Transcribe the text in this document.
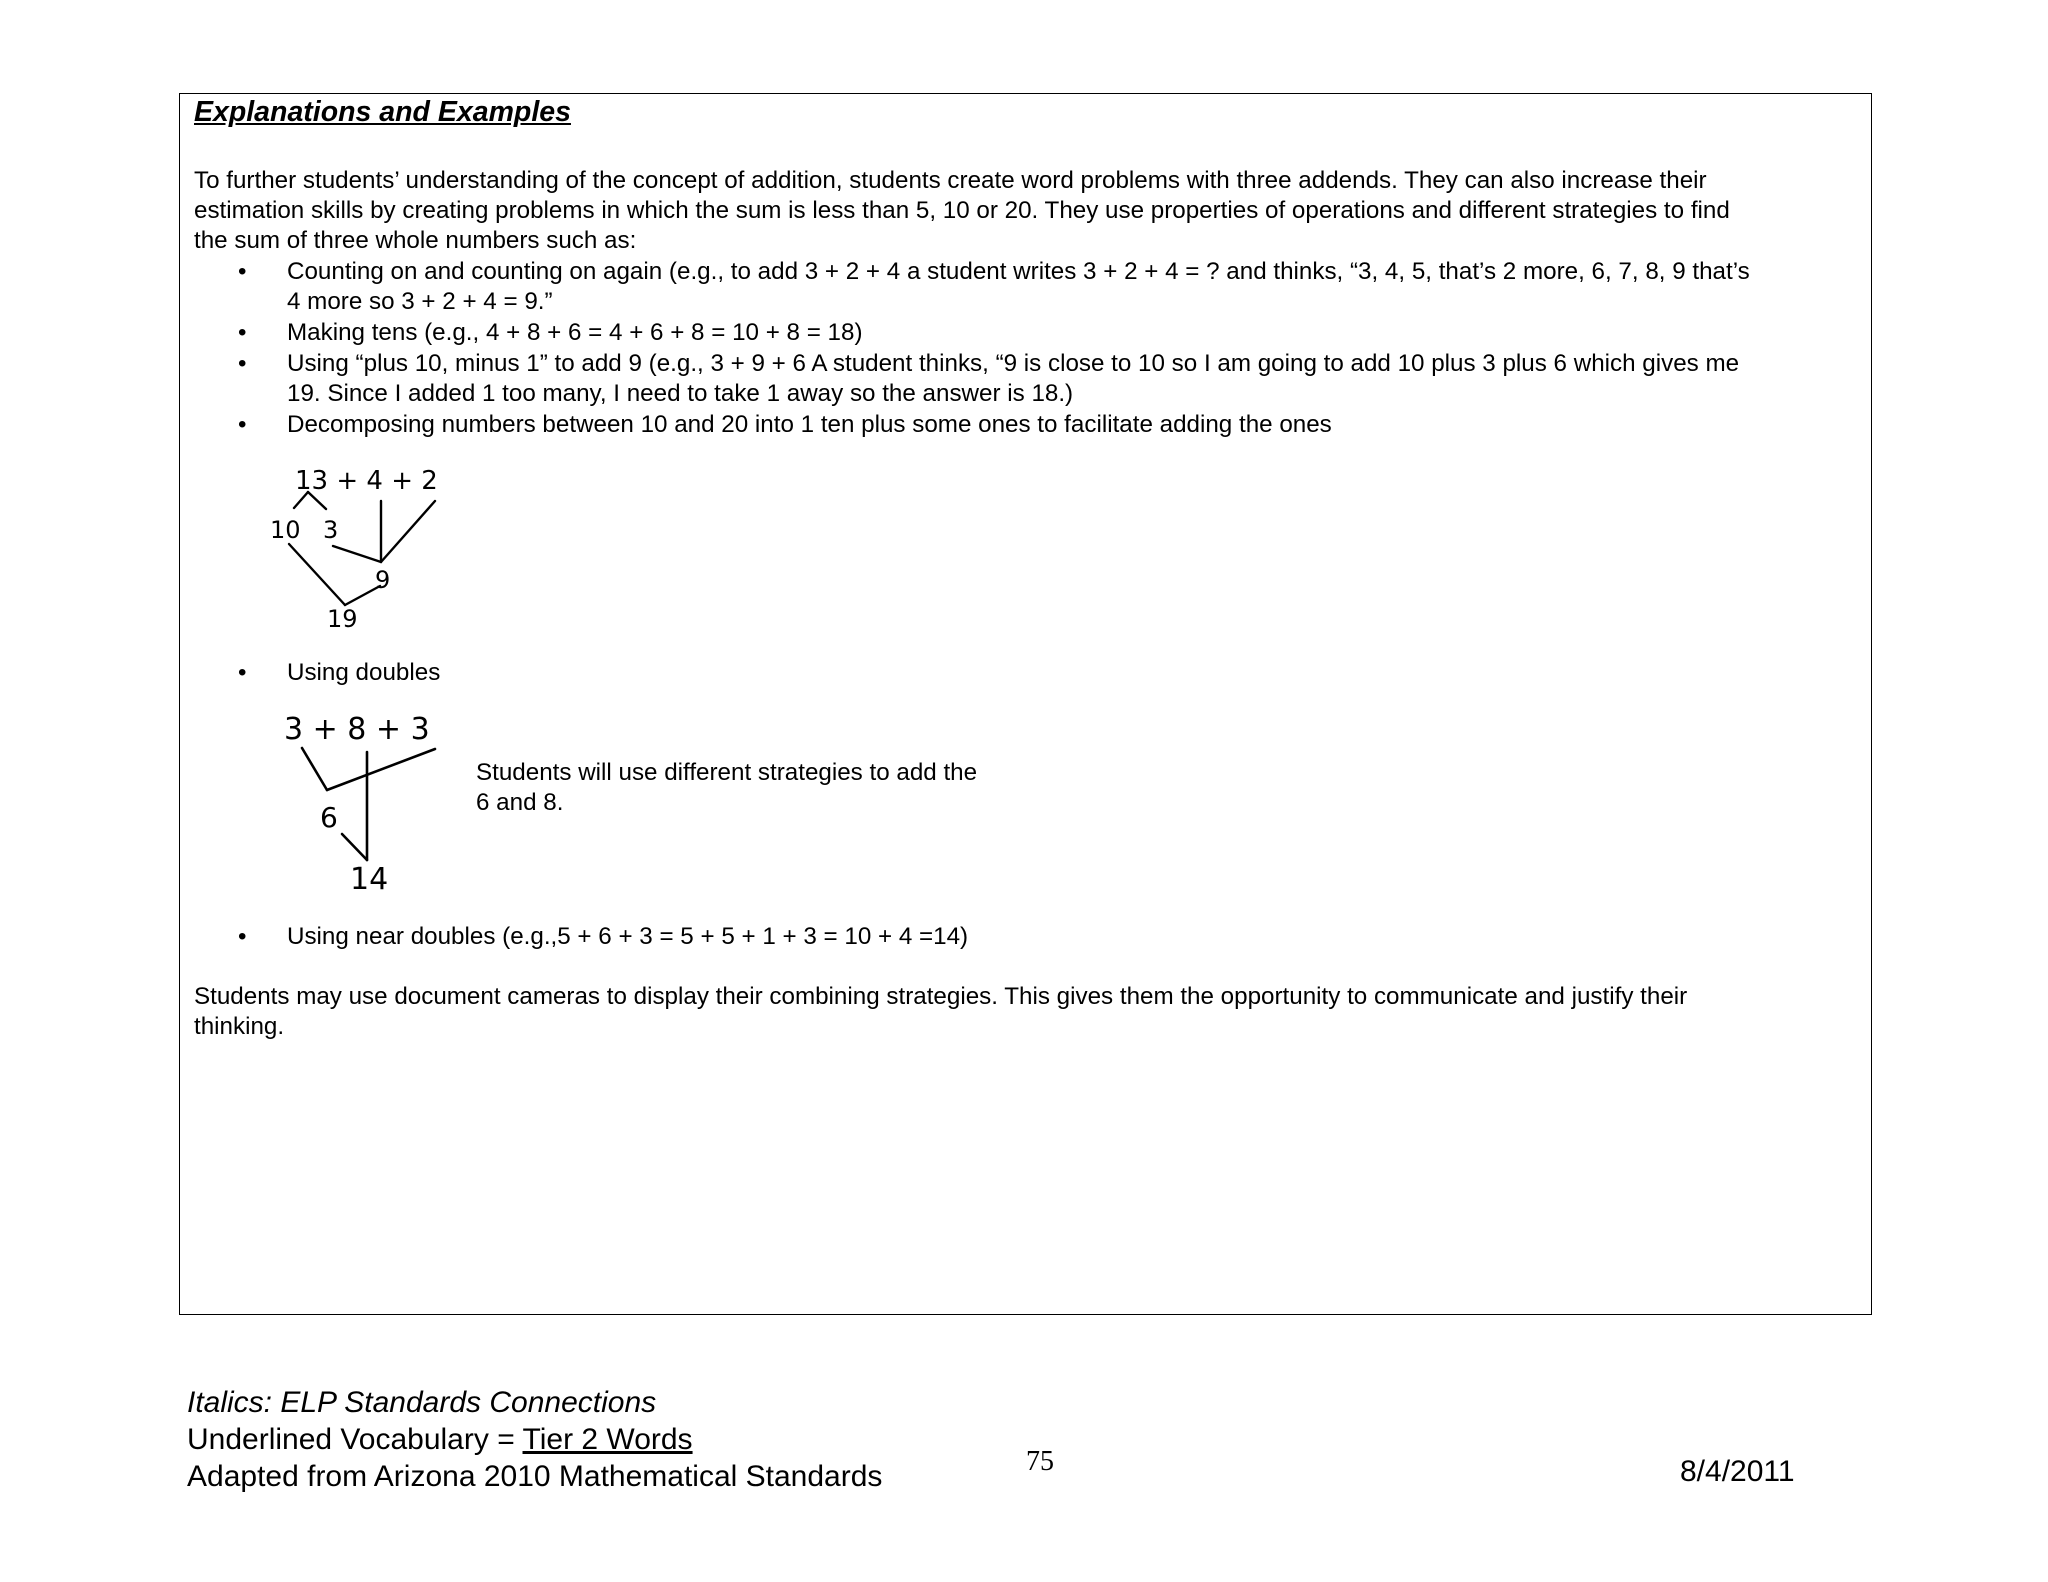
Explanations and Examples
To further students’ understanding of the concept of addition, students create word problems with three addends. They can also increase their
estimation skills by creating problems in which the sum is less than 5, 10 or 20. They use properties of operations and different strategies to find
the sum of three whole numbers such as:
• Counting on and counting on again (e.g., to add 3 + 2 + 4 a student writes 3 + 2 + 4 = ? and thinks, “3, 4, 5, that’s 2 more, 6, 7, 8, 9 that’s
4 more so 3 + 2 + 4 = 9.”
• Making tens (e.g., 4 + 8 + 6 = 4 + 6 + 8 = 10 + 8 = 18)
• Using “plus 10, minus 1” to add 9 (e.g., 3 + 9 + 6 A student thinks, “9 is close to 10 so I am going to add 10 plus 3 plus 6 which gives me
19. Since I added 1 too many, I need to take 1 away so the answer is 18.)
• Decomposing numbers between 10 and 20 into 1 ten plus some ones to facilitate adding the ones
13 + 4 + 2
10 3
9
19
• Using doubles
3 + 8 + 3
6
14
Students will use different strategies to add the
6 and 8.
• Using near doubles (e.g.,5 + 6 + 3 = 5 + 5 + 1 + 3 = 10 + 4 =14)
Students may use document cameras to display their combining strategies. This gives them the opportunity to communicate and justify their
thinking.
Italics: ELP Standards Connections
Underlined Vocabulary = Tier 2 Words
Adapted from Arizona 2010 Mathematical Standards	75	8/4/2011
